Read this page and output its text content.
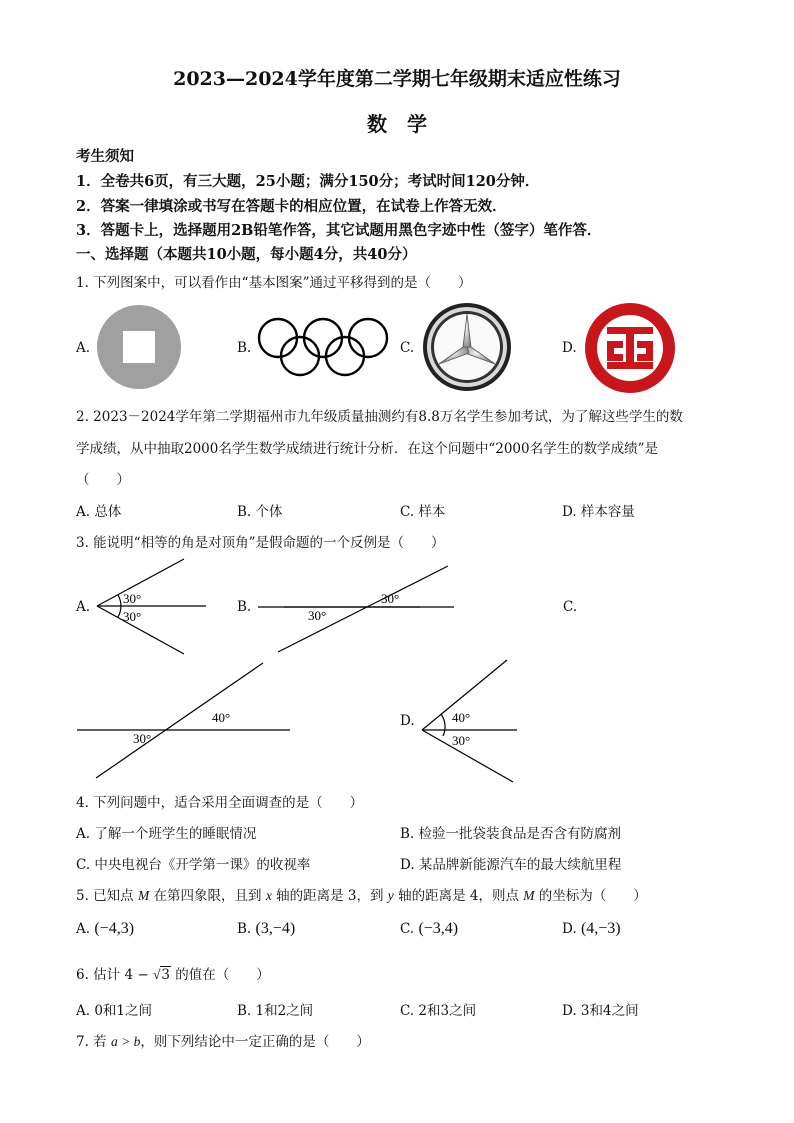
2023—2024学年度第二学期七年级期末适应性练习
数　学
考生须知
1．全卷共6页，有三大题，25小题；满分150分；考试时间120分钟．
2．答案一律填涂或书写在答题卡的相应位置，在试卷上作答无效．
3．答题卡上，选择题用2B铅笔作答，其它试题用黑色字迹中性（签字）笔作答．
一、选择题（本题共10小题，每小题4分，共40分）
1. 下列图案中，可以看作由“基本图案”通过平移得到的是（　　）
A.	B.	C.	D.
2. 2023－2024学年第二学期福州市九年级质量抽测约有8.8万名学生参加考试，为了解这些学生的数
学成绩，从中抽取2000名学生数学成绩进行统计分析．在这个问题中“2000名学生的数学成绩”是
（　　）
A. 总体	B. 个体	C. 样本	D. 样本容量
3. 能说明“相等的角是对顶角”是假命题的一个反例是（　　）
A.
30°
30°
B.
30°
30°
C.
30°
40°	D.	40°
30°
4. 下列问题中，适合采用全面调查的是（　　）
A. 了解一个班学生的睡眠情况	B. 检验一批袋装食品是否含有防腐剂
C. 中央电视台《开学第一课》的收视率	D. 某品牌新能源汽车的最大续航里程
5. 已知点 M 在第四象限，且到 x 轴的距离是 3，到 y 轴的距离是 4，则点 M 的坐标为（　　）
A. (−4,3)	B. (3,−4)	C. (−3,4)	D. (4,−3)
6. 估计 4 − √3 的值在（　　）
A. 0和1之间	B. 1和2之间	C. 2和3之间	D. 3和4之间
7. 若 a > b，则下列结论中一定正确的是（　　）
